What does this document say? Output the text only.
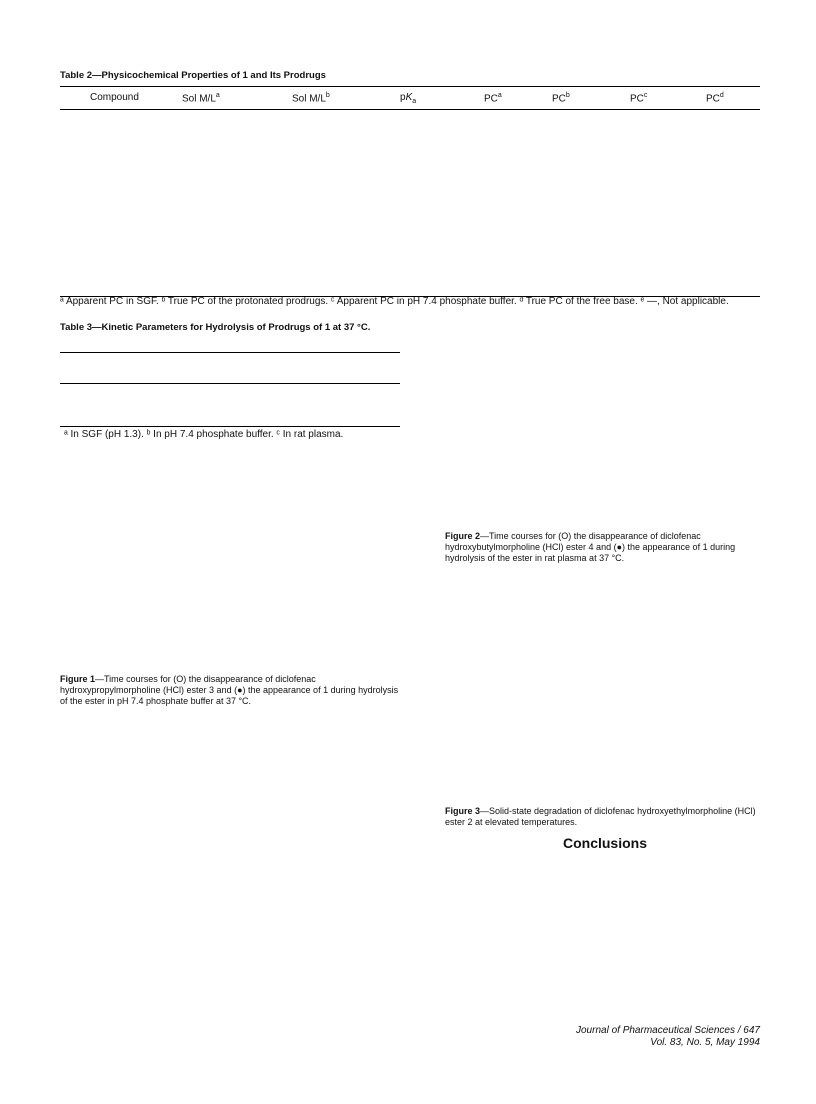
Table 2—Physicochemical Properties of 1 and Its Prodrugs
Compound	Sol $M/L^a$	Sol $M/L^b$	$pK_a$	$PC^a$	$PC^b$	$PC^c$	$PC^d$
ᵃ Apparent PC in SGF. ᵇ True PC of the protonated prodrugs. ᶜ Apparent PC in pH 7.4 phosphate buffer. ᵈ True PC of the free base. ᵉ —, Not applicable.
Table 3—Kinetic Parameters for Hydrolysis of Prodrugs of 1 at 37 °C.
ᵃ In SGF (pH 1.3). ᵇ In pH 7.4 phosphate buffer. ᶜ In rat plasma.
Figure 1—Time courses for (O) the disappearance of diclofenac hydroxypropylmorpholine (HCl) ester 3 and (●) the appearance of 1 during hydrolysis of the ester in pH 7.4 phosphate buffer at 37 °C.
Figure 2—Time courses for (O) the disappearance of diclofenac hydroxybutylmorpholine (HCl) ester 4 and (●) the appearance of 1 during hydrolysis of the ester in rat plasma at 37 °C.
Figure 3—Solid-state degradation of diclofenac hydroxyethylmorpholine (HCl) ester 2 at elevated temperatures.
Conclusions
Journal of Pharmaceutical Sciences / 647
Vol. 83, No. 5, May 1994
